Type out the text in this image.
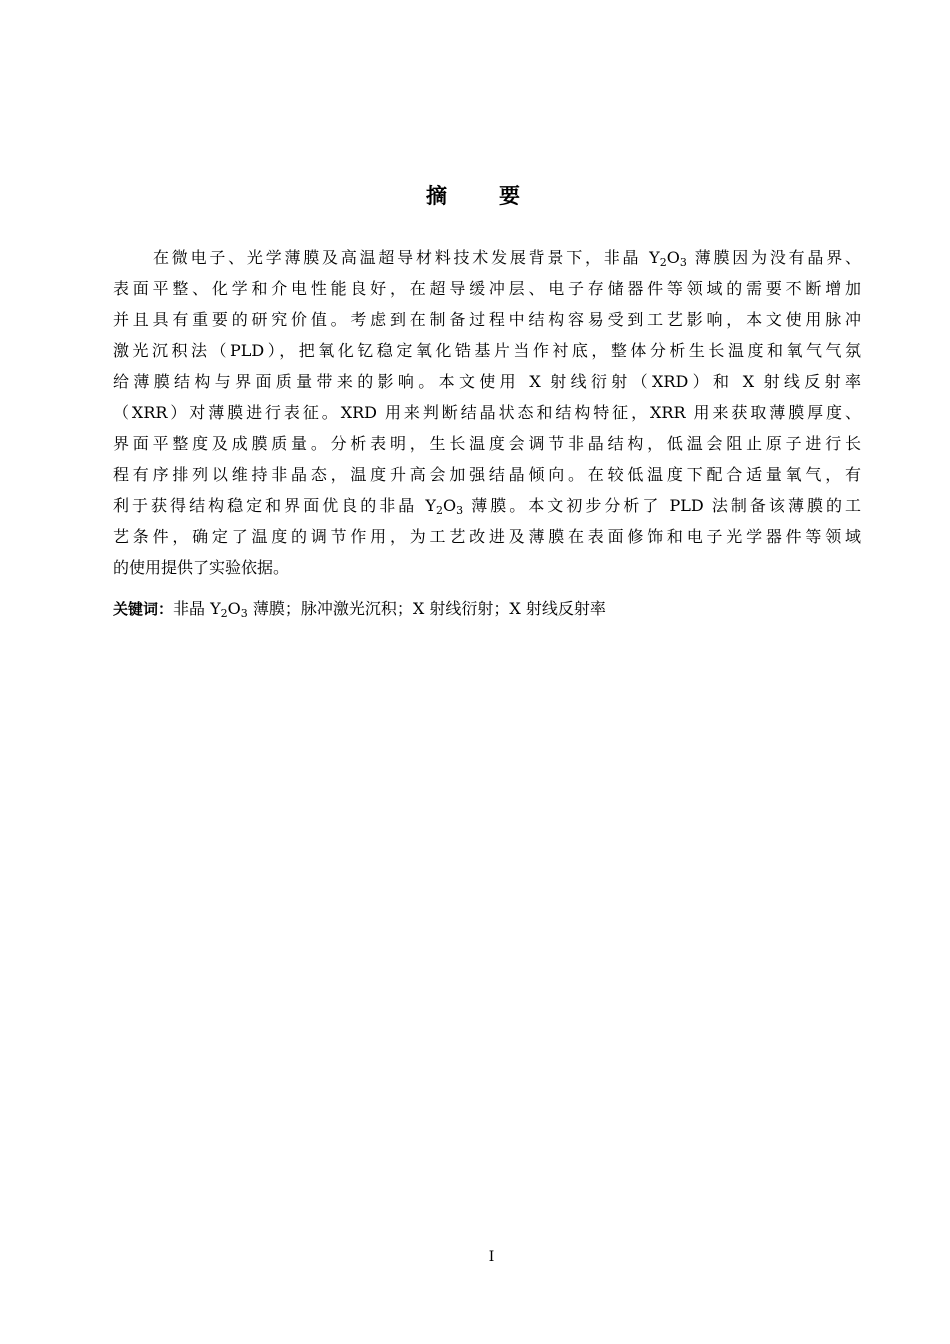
摘 要
在微电子、光学薄膜及高温超导材料技术发展背景下，非晶 $Y_2O_3$ 薄膜因为没有晶界、
表面平整、化学和介电性能良好，在超导缓冲层、电子存储器件等领域的需要不断增加
并且具有重要的研究价值。考虑到在制备过程中结构容易受到工艺影响，本文使用脉冲
激光沉积法（PLD），把氧化钇稳定氧化锆基片当作衬底，整体分析生长温度和氧气气氛
给薄膜结构与界面质量带来的影响。本文使用 X 射线衍射（XRD）和 X 射线反射率
（XRR）对薄膜进行表征。XRD 用来判断结晶状态和结构特征，XRR 用来获取薄膜厚度、
界面平整度及成膜质量。分析表明，生长温度会调节非晶结构，低温会阻止原子进行长
程有序排列以维持非晶态，温度升高会加强结晶倾向。在较低温度下配合适量氧气，有
利于获得结构稳定和界面优良的非晶 $Y_2O_3$ 薄膜。本文初步分析了 PLD 法制备该薄膜的工
艺条件，确定了温度的调节作用，为工艺改进及薄膜在表面修饰和电子光学器件等领域
的使用提供了实验依据。
关键词：非晶 $Y_2O_3$ 薄膜；脉冲激光沉积；X 射线衍射；X 射线反射率
I
